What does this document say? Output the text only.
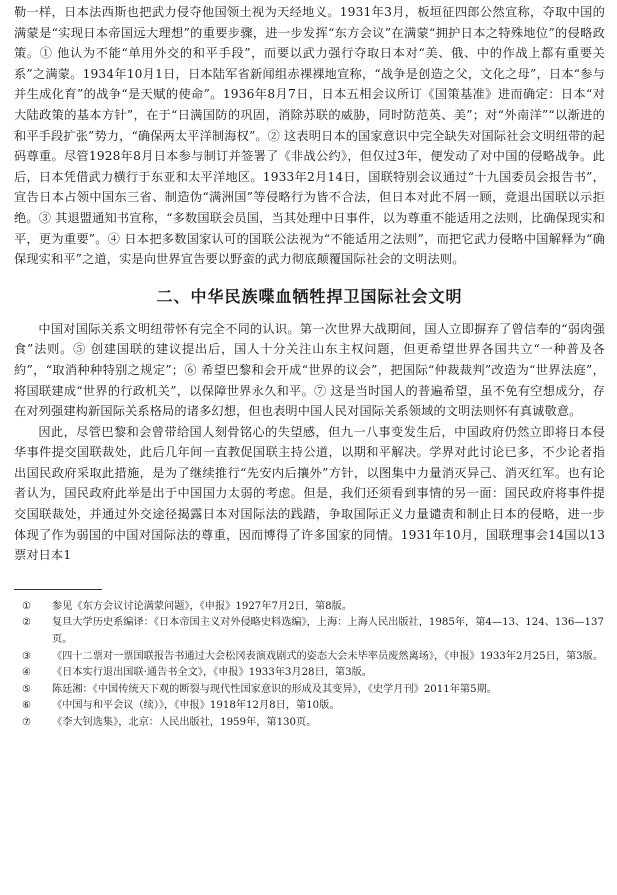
勒一样，日本法西斯也把武力侵夺他国领土视为天经地义。1931年3月，板垣征四郎公然宣称，夺取中国的满蒙是“实现日本帝国远大理想”的重要步骤，进一步发挥“东方会议”在满蒙“拥护日本之特殊地位”的侵略政策。① 他认为不能“单用外交的和平手段”，而要以武力强行夺取日本对“美、俄、中的作战上都有重要关系”之满蒙。1934年10月1日，日本陆军省新闻组赤裸裸地宣称，“战争是创造之父，文化之母”，日本“参与并生成化育”的战争“是天赋的使命”。1936年8月7日，日本五相会议所订《国策基准》进而确定：日本“对大陆政策的基本方针”，在于“日满国防的巩固，消除苏联的威胁，同时防范英、美”；对“外南洋”“以渐进的和平手段扩张”势力，“确保两太平洋制海权”。② 这表明日本的国家意识中完全缺失对国际社会文明纽带的起码尊重。尽管1928年8月日本参与制订并签署了《非战公约》，但仅过3年，便发动了对中国的侵略战争。此后，日本凭借武力横行于东亚和太平洋地区。1933年2月14日，国联特别会议通过“十九国委员会报告书”，宣告日本占领中国东三省、制造伪“满洲国”等侵略行为皆不合法，但日本对此不屑一顾，竟退出国联以示拒绝。③ 其退盟通知书宣称，“多数国联会员国，当其处理中日事件，以为尊重不能适用之法则，比确保现实和平，更为重要”。④ 日本把多数国家认可的国联公法视为“不能适用之法则”，而把它武力侵略中国解释为“确保现实和平”之道，实是向世界宣告要以野蛮的武力彻底颠覆国际社会的文明法则。

二、中华民族喋血牺牲捍卫国际社会文明

中国对国际关系文明纽带怀有完全不同的认识。第一次世界大战期间，国人立即摒弃了曾信奉的“弱肉强食”法则。⑤ 创建国联的建议提出后，国人十分关注山东主权问题，但更希望世界各国共立“一种普及各約”，“取消种种特别之规定”；⑥ 希望巴黎和会开成“世界的议会”，把国际“仲裁裁判”改造为“世界法庭”，将国联建成“世界的行政机关”，以保障世界永久和平。⑦ 这是当时国人的普遍希望，虽不免有空想成分，存在对列强建构新国际关系格局的诸多幻想，但也表明中国人民对国际关系领域的文明法则怀有真诚敬意。

因此，尽管巴黎和会曾带给国人刻骨铭心的失望感，但九一八事变发生后，中国政府仍然立即将日本侵华事件提交国联裁处，此后几年间一直教促国联主持公道，以期和平解决。学界对此讨论已多，不少论者指出国民政府采取此措施，是为了继续推行“先安内后攘外”方针，以图集中力量消灭异己、消灭红军。也有论者认为，国民政府此举是出于中国国力太弱的考虑。但是，我们还须看到事情的另一面：国民政府将事件提交国联裁处，并通过外交途径揭露日本对国际法的践踏，争取国际正义力量谴责和制止日本的侵略，进一步体现了作为弱国的中国对国际法的尊重，因而博得了许多国家的同情。1931年10月，国联理事会14国以13票对日本1

①	参见《东方会议讨论满蒙问题》，《申报》1927年7月2日，第8版。
②	复旦大学历史系编译：《日本帝国主义对外侵略史料选编》，上海：上海人民出版社，1985年，第4—13、124、136—137页。
③	《四十二票对一票国联报告书通过大会松冈表演戏剧式的姿态大会未毕率员废然离场》，《申报》1933年2月25日，第3版。
④	《日本实行退出国联·通告书全文》，《申报》1933年3月28日，第3版。
⑤	陈廷湘：《中国传统天下观的断裂与现代性国家意识的形成及其变异》，《史学月刊》2011年第5期。
⑥	《中国与和平会议（续）》，《申报》1918年12月8日，第10版。
⑦	《李大钊选集》，北京：人民出版社，1959年，第130页。
